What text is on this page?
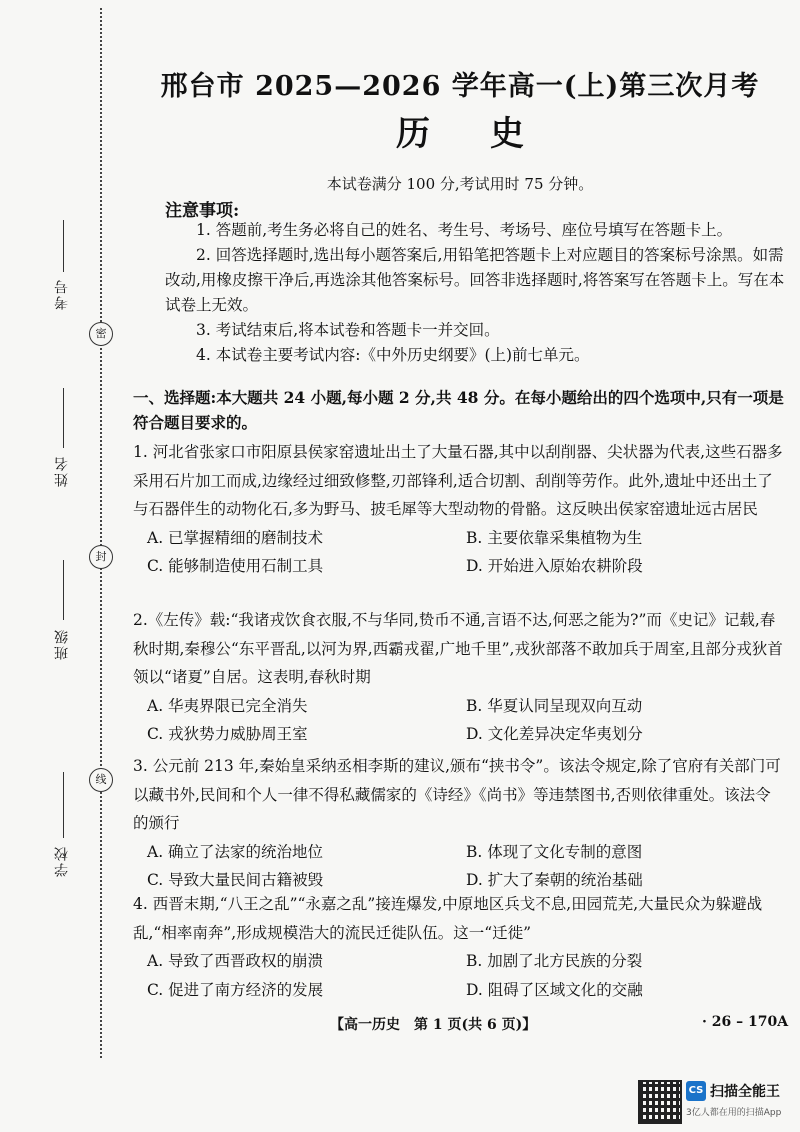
考号
密
姓名
封
班级
线
学校
邢台市 2025—2026 学年高一(上)第三次月考
历史
本试卷满分 100 分,考试用时 75 分钟。
注意事项:
1. 答题前,考生务必将自己的姓名、考生号、考场号、座位号填写在答题卡上。
2. 回答选择题时,选出每小题答案后,用铅笔把答题卡上对应题目的答案标号涂黑。如需改动,用橡皮擦干净后,再选涂其他答案标号。回答非选择题时,将答案写在答题卡上。写在本试卷上无效。
3. 考试结束后,将本试卷和答题卡一并交回。
4. 本试卷主要考试内容:《中外历史纲要》(上)前七单元。
一、选择题:本大题共 24 小题,每小题 2 分,共 48 分。在每小题给出的四个选项中,只有一项是符合题目要求的。

1. 河北省张家口市阳原县侯家窑遗址出土了大量石器,其中以刮削器、尖状器为代表,这些石器多采用石片加工而成,边缘经过细致修整,刃部锋利,适合切割、刮削等劳作。此外,遗址中还出土了与石器伴生的动物化石,多为野马、披毛犀等大型动物的骨骼。这反映出侯家窑遗址远古居民

A. 已掌握精细的磨制技术	B. 主要依靠采集植物为生
C. 能够制造使用石制工具	D. 开始进入原始农耕阶段

2.《左传》载:“我诸戎饮食衣服,不与华同,贽币不通,言语不达,何恶之能为?”而《史记》记载,春秋时期,秦穆公“东平晋乱,以河为界,西霸戎翟,广地千里”,戎狄部落不敢加兵于周室,且部分戎狄首领以“诸夏”自居。这表明,春秋时期

A. 华夷界限已完全消失	B. 华夏认同呈现双向互动
C. 戎狄势力威胁周王室	D. 文化差异决定华夷划分

3. 公元前 213 年,秦始皇采纳丞相李斯的建议,颁布“挟书令”。该法令规定,除了官府有关部门可以藏书外,民间和个人一律不得私藏儒家的《诗经》《尚书》等违禁图书,否则依律重处。该法令的颁行

A. 确立了法家的统治地位	B. 体现了文化专制的意图
C. 导致大量民间古籍被毁	D. 扩大了秦朝的统治基础

4. 西晋末期,“八王之乱”“永嘉之乱”接连爆发,中原地区兵戈不息,田园荒芜,大量民众为躲避战乱,“相率南奔”,形成规模浩大的流民迁徙队伍。这一“迁徙”

A. 导致了西晋政权的崩溃	B. 加剧了北方民族的分裂
C. 促进了南方经济的发展	D. 阻碍了区域文化的交融
【高一历史　第 1 页(共 6 页)】	· 26 – 170A
CS 扫描全能王
3亿人都在用的扫描App
